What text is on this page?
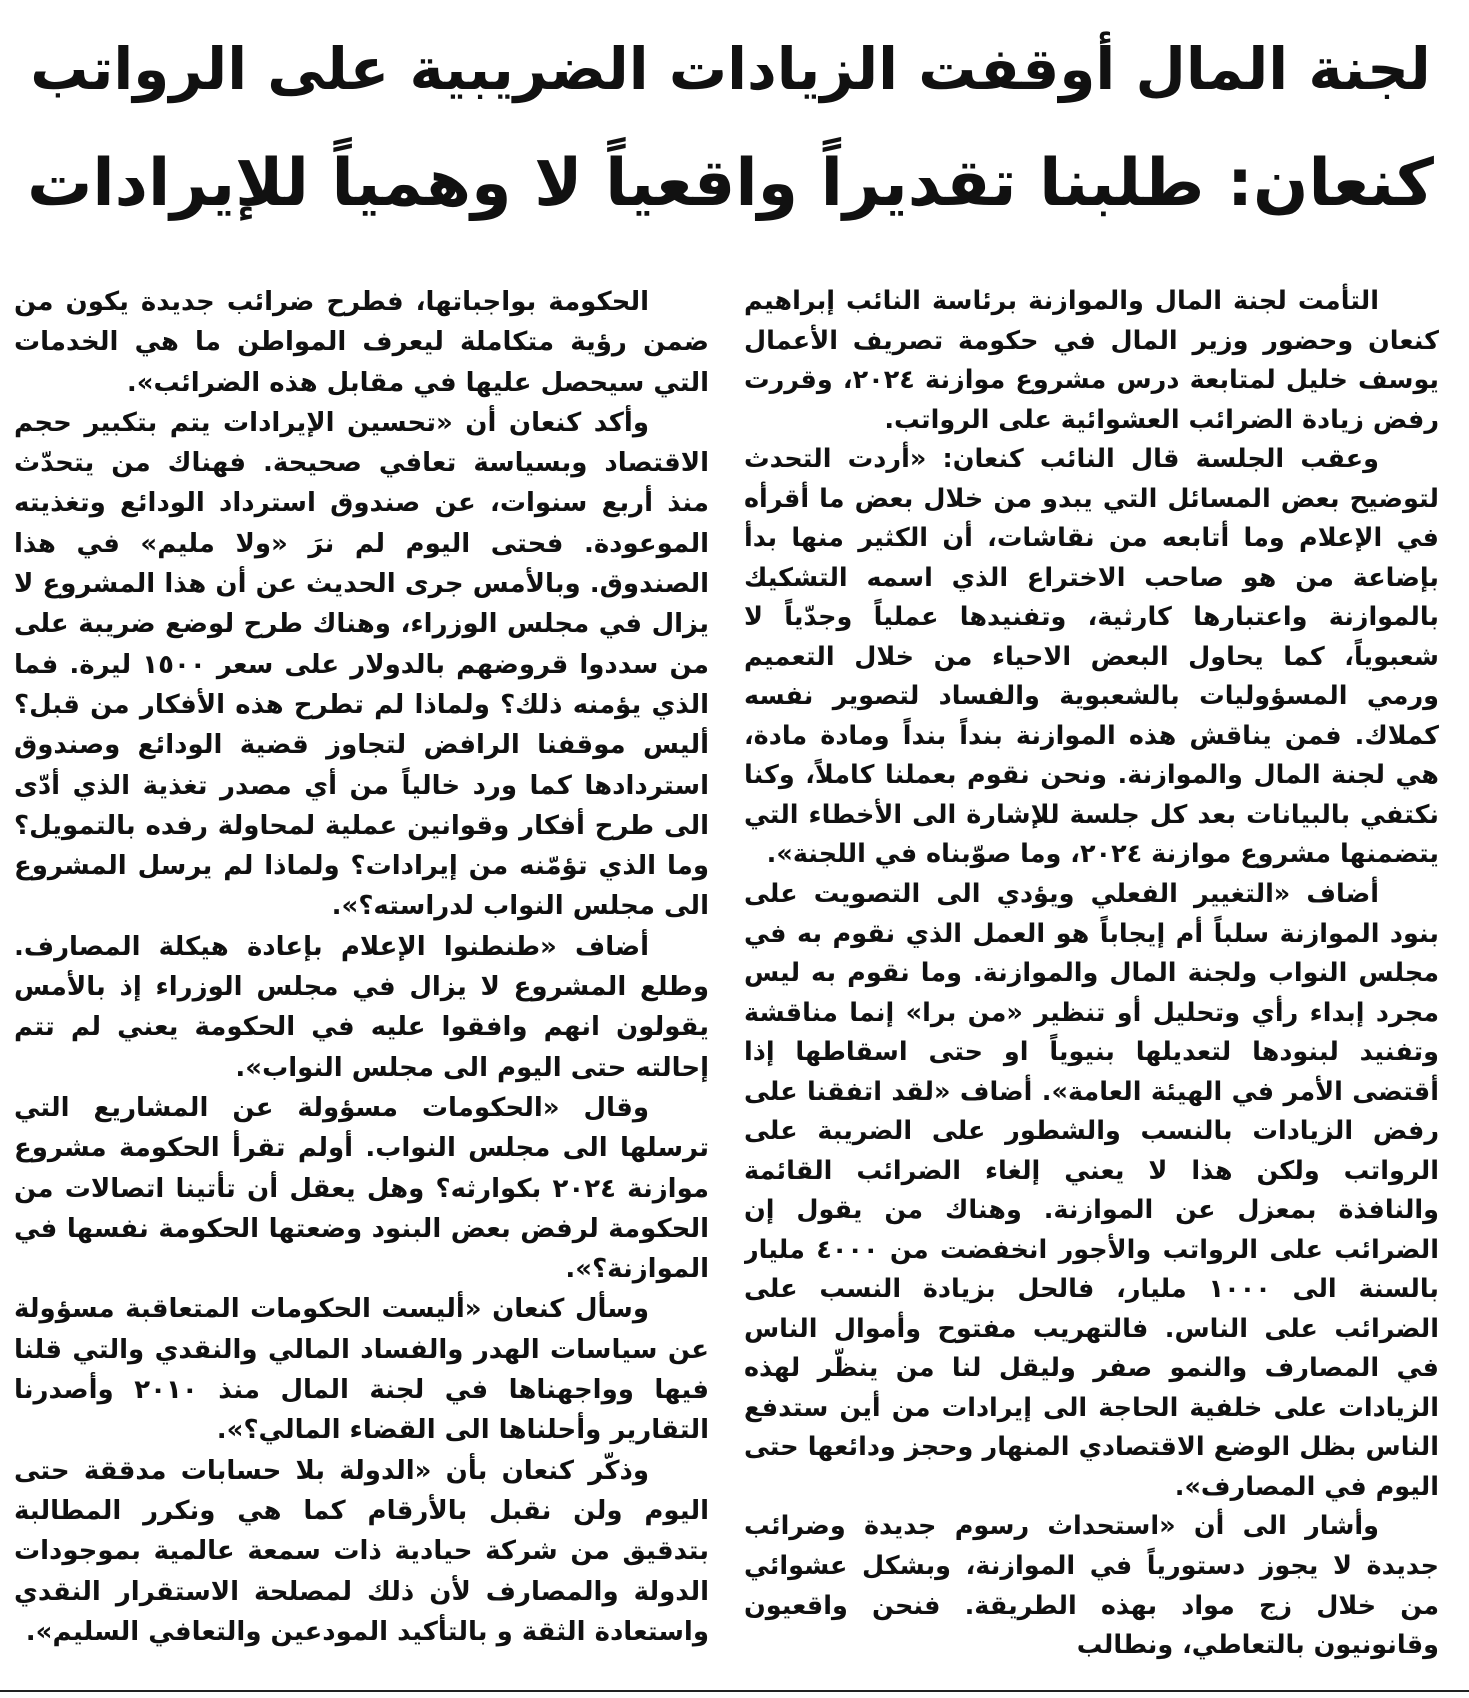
لجنة المال أوقفت الزيادات الضريبية على الرواتب
كنعان: طلبنا تقديراً واقعياً لا وهمياً للإيرادات

التأمت لجنة المال والموازنة برئاسة النائب إبراهيم كنعان وحضور وزير المال في حكومة تصريف الأعمال يوسف خليل لمتابعة درس مشروع موازنة ٢٠٢٤، وقررت رفض زيادة الضرائب العشوائية على الرواتب.

وعقب الجلسة قال النائب كنعان: «أردت التحدث لتوضيح بعض المسائل التي يبدو من خلال بعض ما أقرأه في الإعلام وما أتابعه من نقاشات، أن الكثير منها بدأ بإضاعة من هو صاحب الاختراع الذي اسمه التشكيك بالموازنة واعتبارها كارثية، وتفنيدها عملياً وجدّياً لا شعبوياً، كما يحاول البعض الاحياء من خلال التعميم ورمي المسؤوليات بالشعبوية والفساد لتصوير نفسه كملاك. فمن يناقش هذه الموازنة بنداً بنداً ومادة مادة، هي لجنة المال والموازنة. ونحن نقوم بعملنا كاملاً، وكنا نكتفي بالبيانات بعد كل جلسة للإشارة الى الأخطاء التي يتضمنها مشروع موازنة ٢٠٢٤، وما صوّبناه في اللجنة».

أضاف «التغيير الفعلي ويؤدي الى التصويت على بنود الموازنة سلباً أم إيجاباً هو العمل الذي نقوم به في مجلس النواب ولجنة المال والموازنة. وما نقوم به ليس مجرد إبداء رأي وتحليل أو تنظير «من برا» إنما مناقشة وتفنيد لبنودها لتعديلها بنيوياً او حتى اسقاطها إذا أقتضى الأمر في الهيئة العامة». أضاف «لقد اتفقنا على رفض الزيادات بالنسب والشطور على الضريبة على الرواتب ولكن هذا لا يعني إلغاء الضرائب القائمة والنافذة بمعزل عن الموازنة. وهناك من يقول إن الضرائب على الرواتب والأجور انخفضت من ٤٠٠٠ مليار بالسنة الى ١٠٠٠ مليار، فالحل بزيادة النسب على الضرائب على الناس. فالتهريب مفتوح وأموال الناس في المصارف والنمو صفر وليقل لنا من ينظّر لهذه الزيادات على خلفية الحاجة الى إيرادات من أين ستدفع الناس بظل الوضع الاقتصادي المنهار وحجز ودائعها حتى اليوم في المصارف».

وأشار الى أن «استحداث رسوم جديدة وضرائب جديدة لا يجوز دستورياً في الموازنة، وبشكل عشوائي من خلال زج مواد بهذه الطريقة. فنحن واقعيون وقانونيون بالتعاطي، ونطالب

الحكومة بواجباتها، فطرح ضرائب جديدة يكون من ضمن رؤية متكاملة ليعرف المواطن ما هي الخدمات التي سيحصل عليها في مقابل هذه الضرائب».

وأكد كنعان أن «تحسين الإيرادات يتم بتكبير حجم الاقتصاد وبسياسة تعافي صحيحة. فهناك من يتحدّث منذ أربع سنوات، عن صندوق استرداد الودائع وتغذيته الموعودة. فحتى اليوم لم نرَ «ولا مليم» في هذا الصندوق. وبالأمس جرى الحديث عن أن هذا المشروع لا يزال في مجلس الوزراء، وهناك طرح لوضع ضريبة على من سددوا قروضهم بالدولار على سعر ١٥٠٠ ليرة. فما الذي يؤمنه ذلك؟ ولماذا لم تطرح هذه الأفكار من قبل؟ أليس موقفنا الرافض لتجاوز قضية الودائع وصندوق استردادها كما ورد خالياً من أي مصدر تغذية الذي أدّى الى طرح أفكار وقوانين عملية لمحاولة رفده بالتمويل؟ وما الذي تؤمّنه من إيرادات؟ ولماذا لم يرسل المشروع الى مجلس النواب لدراسته؟».

أضاف «طنطنوا الإعلام بإعادة هيكلة المصارف. وطلع المشروع لا يزال في مجلس الوزراء إذ بالأمس يقولون انهم وافقوا عليه في الحكومة يعني لم تتم إحالته حتى اليوم الى مجلس النواب».

وقال «الحكومات مسؤولة عن المشاريع التي ترسلها الى مجلس النواب. أولم تقرأ الحكومة مشروع موازنة ٢٠٢٤ بكوارثه؟ وهل يعقل أن تأتينا اتصالات من الحكومة لرفض بعض البنود وضعتها الحكومة نفسها في الموازنة؟».

وسأل كنعان «أليست الحكومات المتعاقبة مسؤولة عن سياسات الهدر والفساد المالي والنقدي والتي قلنا فيها وواجهناها في لجنة المال منذ ٢٠١٠ وأصدرنا التقارير وأحلناها الى القضاء المالي؟».

وذكّر كنعان بأن «الدولة بلا حسابات مدققة حتى اليوم ولن نقبل بالأرقام كما هي ونكرر المطالبة بتدقيق من شركة حيادية ذات سمعة عالمية بموجودات الدولة والمصارف لأن ذلك لمصلحة الاستقرار النقدي واستعادة الثقة و بالتأكيد المودعين والتعافي السليم».
